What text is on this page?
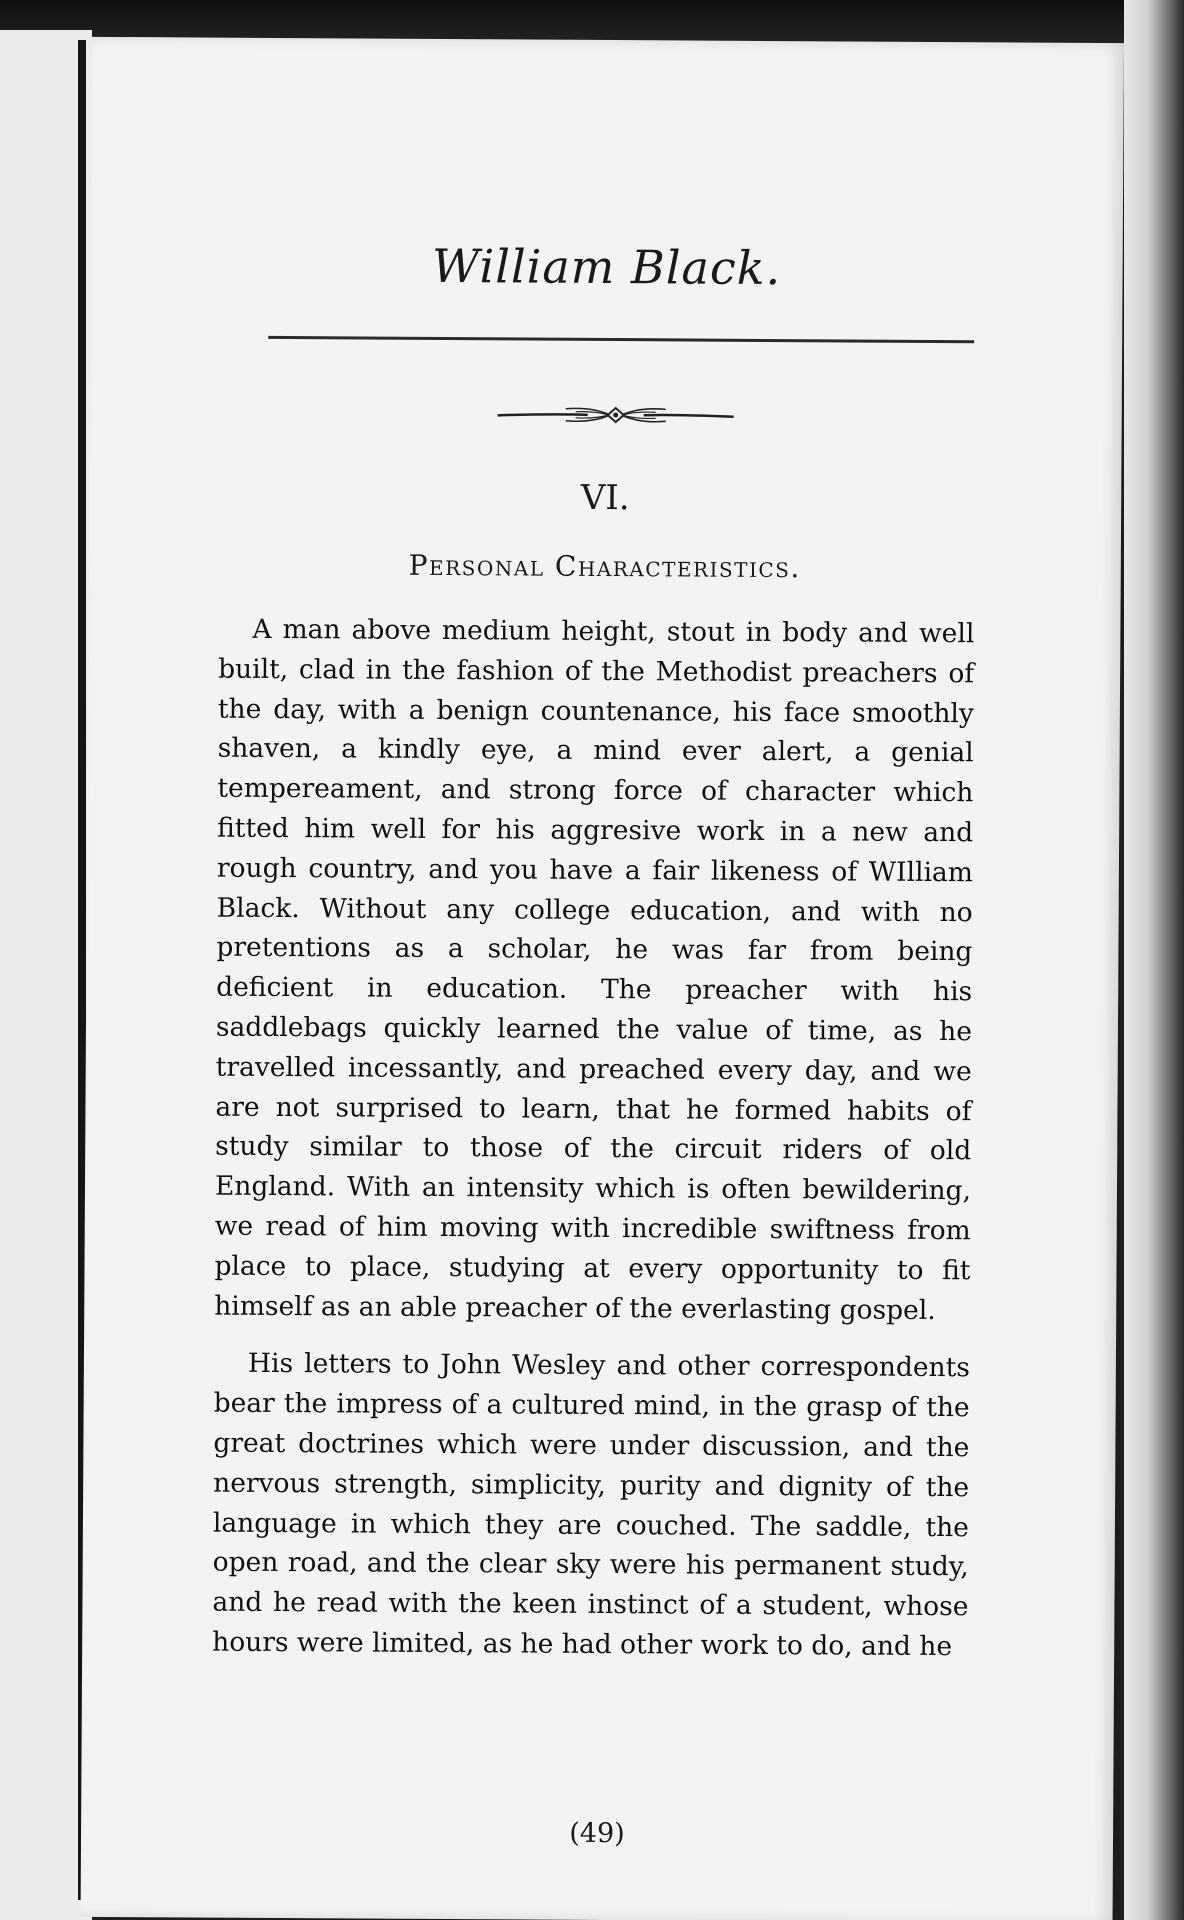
William Black.
VI.
Personal Characteristics.

A man above medium height, stout in body and well built, clad in the fashion of the Methodist preachers of the day, with a benign countenance, his face smoothly shaven, a kindly eye, a mind ever alert, a genial tempereament, and strong force of character which fitted him well for his aggresive work in a new and rough country, and you have a fair likeness of WIlliam Black. Without any college education, and with no pretentions as a scholar, he was far from being deficient in education. The preacher with his saddlebags quickly learned the value of time, as he travelled incessantly, and preached every day, and we are not surprised to learn, that he formed habits of study similar to those of the circuit riders of old England. With an intensity which is often bewildering, we read of him moving with incredible swiftness from place to place, studying at every opportunity to fit himself as an able preacher of the everlasting gospel.

His letters to John Wesley and other correspondents bear the impress of a cultured mind, in the grasp of the great doctrines which were under discussion, and the nervous strength, simplicity, purity and dignity of the language in which they are couched. The saddle, the open road, and the clear sky were his permanent study, and he read with the keen instinct of a student, whose hours were limited, as he had other work to do, and he

(49)
